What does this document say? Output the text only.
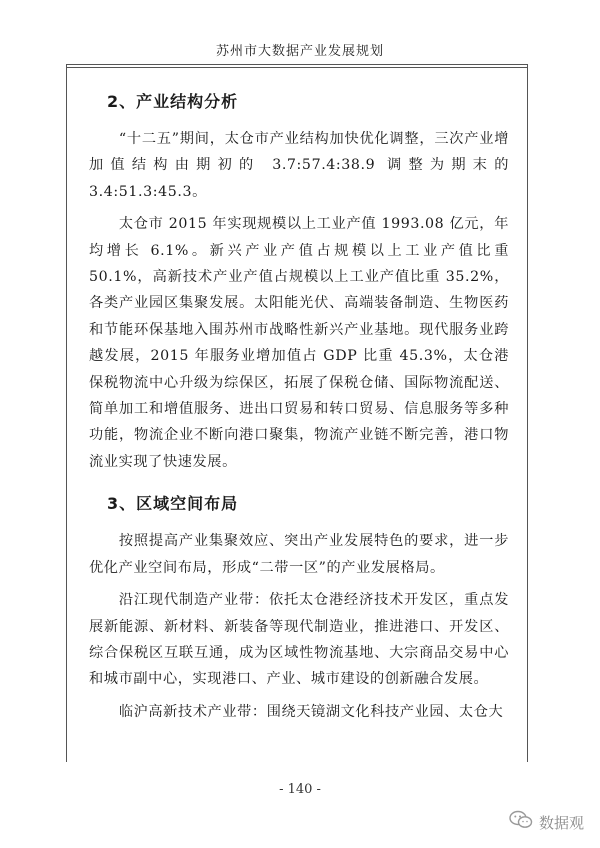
苏州市大数据产业发展规划
2、产业结构分析

“十二五”期间，太仓市产业结构加快优化调整，三次产业增加值结构由期初的 3.7:57.4:38.9 调整为期末的3.4:51.3:45.3。

太仓市 2015 年实现规模以上工业产值 1993.08 亿元，年均增长 6.1%。新兴产业产值占规模以上工业产值比重 50.1%，高新技术产业产值占规模以上工业产值比重 35.2%，各类产业园区集聚发展。太阳能光伏、高端装备制造、生物医药和节能环保基地入围苏州市战略性新兴产业基地。现代服务业跨越发展，2015 年服务业增加值占 GDP 比重 45.3%，太仓港保税物流中心升级为综保区，拓展了保税仓储、国际物流配送、简单加工和增值服务、进出口贸易和转口贸易、信息服务等多种功能，物流企业不断向港口聚集，物流产业链不断完善，港口物流业实现了快速发展。

3、区域空间布局

按照提高产业集聚效应、突出产业发展特色的要求，进一步优化产业空间布局，形成“二带一区”的产业发展格局。

沿江现代制造产业带：依托太仓港经济技术开发区，重点发展新能源、新材料、新装备等现代制造业，推进港口、开发区、综合保税区互联互通，成为区域性物流基地、大宗商品交易中心和城市副中心，实现港口、产业、城市建设的创新融合发展。

临沪高新技术产业带：围绕天镜湖文化科技产业园、太仓大

- 140 -
数据观
